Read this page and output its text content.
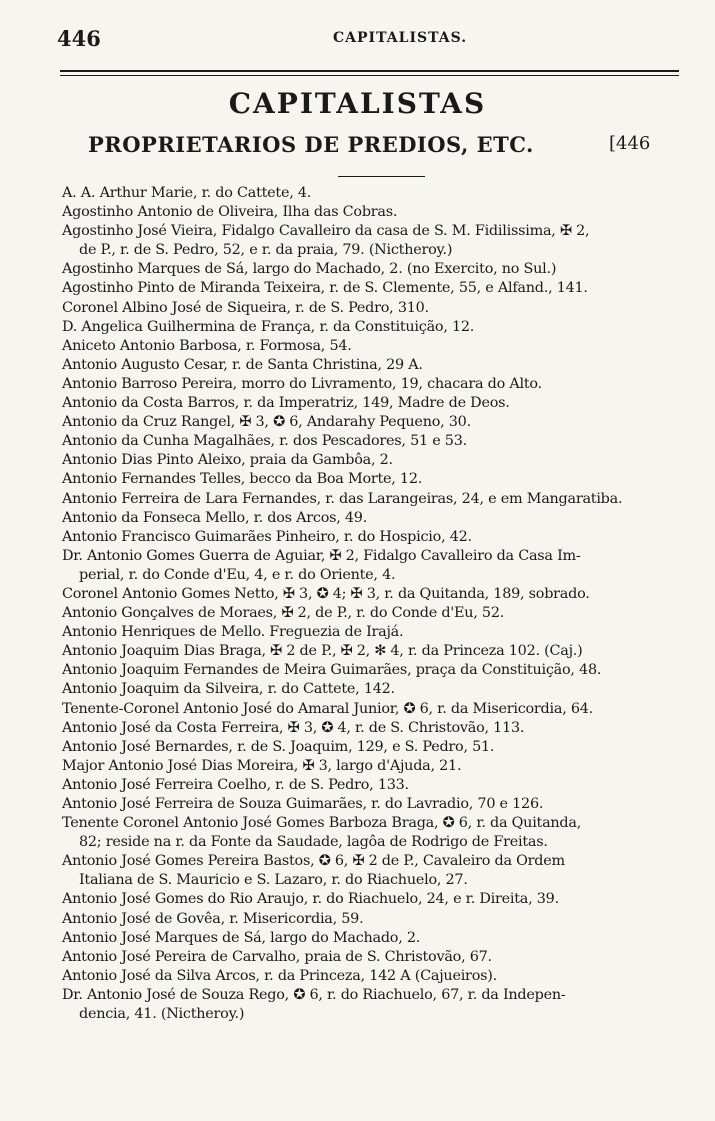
446	CAPITALISTAS.
CAPITALISTAS
PROPRIETARIOS DE PREDIOS, ETC.	[446
A. A. Arthur Marie, r. do Cattete, 4.
Agostinho Antonio de Oliveira, Ilha das Cobras.
Agostinho José Vieira, Fidalgo Cavalleiro da casa de S. M. Fidilissima, ✠ 2,
de P., r. de S. Pedro, 52, e r. da praia, 79. (Nictheroy.)
Agostinho Marques de Sá, largo do Machado, 2. (no Exercito, no Sul.)
Agostinho Pinto de Miranda Teixeira, r. de S. Clemente, 55, e Alfand., 141.
Coronel Albino José de Siqueira, r. de S. Pedro, 310.
D. Angelica Guilhermina de França, r. da Constituição, 12.
Aniceto Antonio Barbosa, r. Formosa, 54.
Antonio Augusto Cesar, r. de Santa Christina, 29 A.
Antonio Barroso Pereira, morro do Livramento, 19, chacara do Alto.
Antonio da Costa Barros, r. da Imperatriz, 149, Madre de Deos.
Antonio da Cruz Rangel, ✠ 3, ✪ 6, Andarahy Pequeno, 30.
Antonio da Cunha Magalhães, r. dos Pescadores, 51 e 53.
Antonio Dias Pinto Aleixo, praia da Gambôa, 2.
Antonio Fernandes Telles, becco da Boa Morte, 12.
Antonio Ferreira de Lara Fernandes, r. das Larangeiras, 24, e em Mangaratiba.
Antonio da Fonseca Mello, r. dos Arcos, 49.
Antonio Francisco Guimarães Pinheiro, r. do Hospicio, 42.
Dr. Antonio Gomes Guerra de Aguiar, ✠ 2, Fidalgo Cavalleiro da Casa Im-
perial, r. do Conde d'Eu, 4, e r. do Oriente, 4.
Coronel Antonio Gomes Netto, ✠ 3, ✪ 4; ✠ 3, r. da Quitanda, 189, sobrado.
Antonio Gonçalves de Moraes, ✠ 2, de P., r. do Conde d'Eu, 52.
Antonio Henriques de Mello. Freguezia de Irajá.
Antonio Joaquim Dias Braga, ✠ 2 de P., ✠ 2, ✻ 4, r. da Princeza 102. (Caj.)
Antonio Joaquim Fernandes de Meira Guimarães, praça da Constituição, 48.
Antonio Joaquim da Silveira, r. do Cattete, 142.
Tenente-Coronel Antonio José do Amaral Junior, ✪ 6, r. da Misericordia, 64.
Antonio José da Costa Ferreira, ✠ 3, ✪ 4, r. de S. Christovão, 113.
Antonio José Bernardes, r. de S. Joaquim, 129, e S. Pedro, 51.
Major Antonio José Dias Moreira, ✠ 3, largo d'Ajuda, 21.
Antonio José Ferreira Coelho, r. de S. Pedro, 133.
Antonio José Ferreira de Souza Guimarães, r. do Lavradio, 70 e 126.
Tenente Coronel Antonio José Gomes Barboza Braga, ✪ 6, r. da Quitanda,
82; reside na r. da Fonte da Saudade, lagôa de Rodrigo de Freitas.
Antonio José Gomes Pereira Bastos, ✪ 6, ✠ 2 de P., Cavaleiro da Ordem
Italiana de S. Mauricio e S. Lazaro, r. do Riachuelo, 27.
Antonio José Gomes do Rio Araujo, r. do Riachuelo, 24, e r. Direita, 39.
Antonio José de Govêa, r. Misericordia, 59.
Antonio José Marques de Sá, largo do Machado, 2.
Antonio José Pereira de Carvalho, praia de S. Christovão, 67.
Antonio José da Silva Arcos, r. da Princeza, 142 A (Cajueiros).
Dr. Antonio José de Souza Rego, ✪ 6, r. do Riachuelo, 67, r. da Indepen-
dencia, 41. (Nictheroy.)
